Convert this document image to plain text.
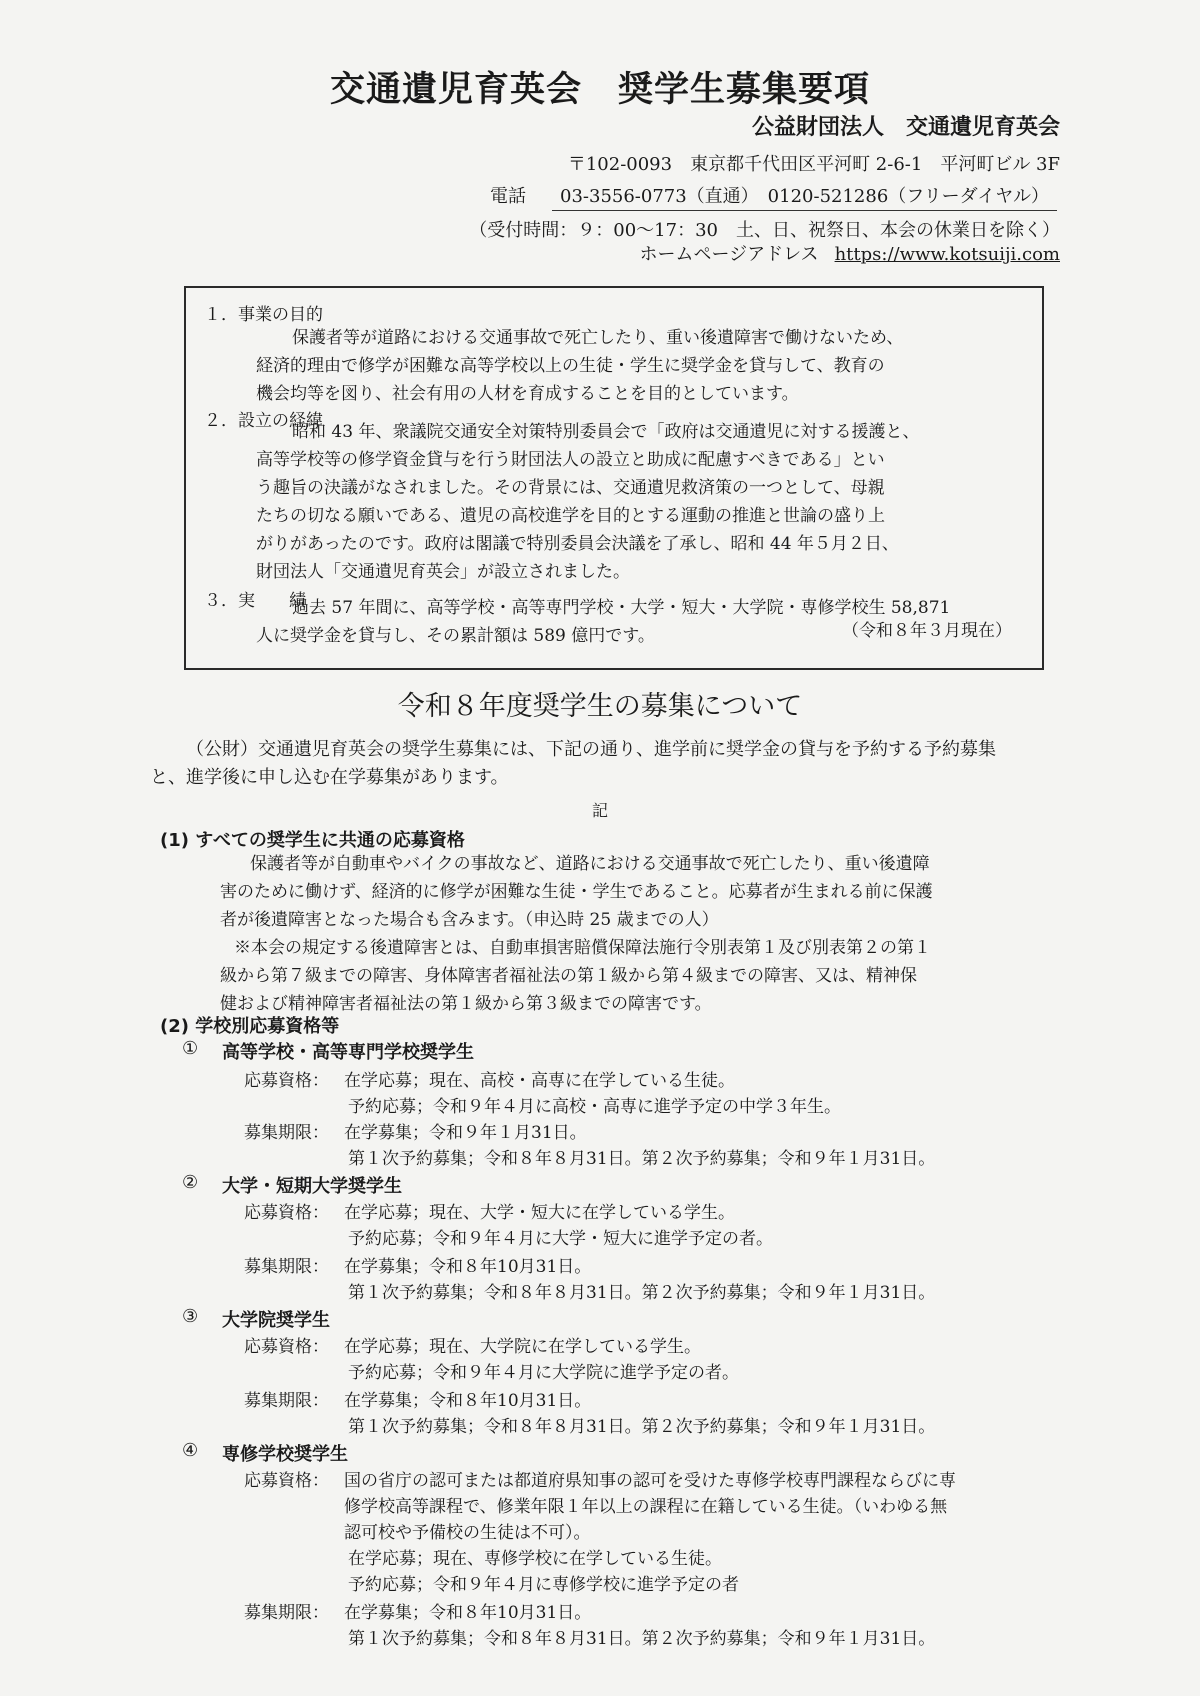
交通遺児育英会　奨学生募集要項
公益財団法人　交通遺児育英会
〒102-0093　東京都千代田区平河町 2-6-1　平河町ビル 3F
電話	03-3556-0773（直通）　0120-521286（フリーダイヤル）
（受付時間：９：00～17：30　土、日、祝祭日、本会の休業日を除く）
ホームページアドレス https://www.kotsuiji.com
１．事業の目的

保護者等が道路における交通事故で死亡したり、重い後遺障害で働けないため、

経済的理由で修学が困難な高等学校以上の生徒・学生に奨学金を貸与して、教育の

機会均等を図り、社会有用の人材を育成することを目的としています。

２．設立の経緯

昭和 43 年、衆議院交通安全対策特別委員会で「政府は交通遺児に対する援護と、

高等学校等の修学資金貸与を行う財団法人の設立と助成に配慮すべきである」とい

う趣旨の決議がなされました。その背景には、交通遺児救済策の一つとして、母親

たちの切なる願いである、遺児の高校進学を目的とする運動の推進と世論の盛り上

がりがあったのです。政府は閣議で特別委員会決議を了承し、昭和 44 年５月２日、

財団法人「交通遺児育英会」が設立されました。

３．実　　績

過去 57 年間に、高等学校・高等専門学校・大学・短大・大学院・専修学校生 58,871

人に奨学金を貸与し、その累計額は 589 億円です。	（令和８年３月現在）
令和８年度奨学生の募集について

（公財）交通遺児育英会の奨学生募集には、下記の通り、進学前に奨学金の貸与を予約する予約募集

と、進学後に申し込む在学募集があります。

記
(1) すべての奨学生に共通の応募資格

保護者等が自動車やバイクの事故など、道路における交通事故で死亡したり、重い後遺障

害のために働けず、経済的に修学が困難な生徒・学生であること。応募者が生まれる前に保護

者が後遺障害となった場合も含みます。（申込時 25 歳までの人）

※本会の規定する後遺障害とは、自動車損害賠償保障法施行令別表第１及び別表第２の第１

級から第７級までの障害、身体障害者福祉法の第１級から第４級までの障害、又は、精神保

健および精神障害者福祉法の第１級から第３級までの障害です。

(2) 学校別応募資格等
① 高等学校・高等専門学校奨学生
応募資格： 在学応募；現在、高校・高専に在学している生徒。
予約応募；令和９年４月に高校・高専に進学予定の中学３年生。
募集期限： 在学募集；令和９年１月31日。
第１次予約募集；令和８年８月31日。第２次予約募集；令和９年１月31日。
② 大学・短期大学奨学生
応募資格： 在学応募；現在、大学・短大に在学している学生。
予約応募；令和９年４月に大学・短大に進学予定の者。
募集期限： 在学募集；令和８年10月31日。
第１次予約募集；令和８年８月31日。第２次予約募集；令和９年１月31日。
③ 大学院奨学生
応募資格： 在学応募；現在、大学院に在学している学生。
予約応募；令和９年４月に大学院に進学予定の者。
募集期限： 在学募集；令和８年10月31日。
第１次予約募集；令和８年８月31日。第２次予約募集；令和９年１月31日。
④ 専修学校奨学生
応募資格： 国の省庁の認可または都道府県知事の認可を受けた専修学校専門課程ならびに専
修学校高等課程で、修業年限１年以上の課程に在籍している生徒。（いわゆる無
認可校や予備校の生徒は不可）。
在学応募；現在、専修学校に在学している生徒。
予約応募；令和９年４月に専修学校に進学予定の者
募集期限： 在学募集；令和８年10月31日。
第１次予約募集；令和８年８月31日。第２次予約募集；令和９年１月31日。
